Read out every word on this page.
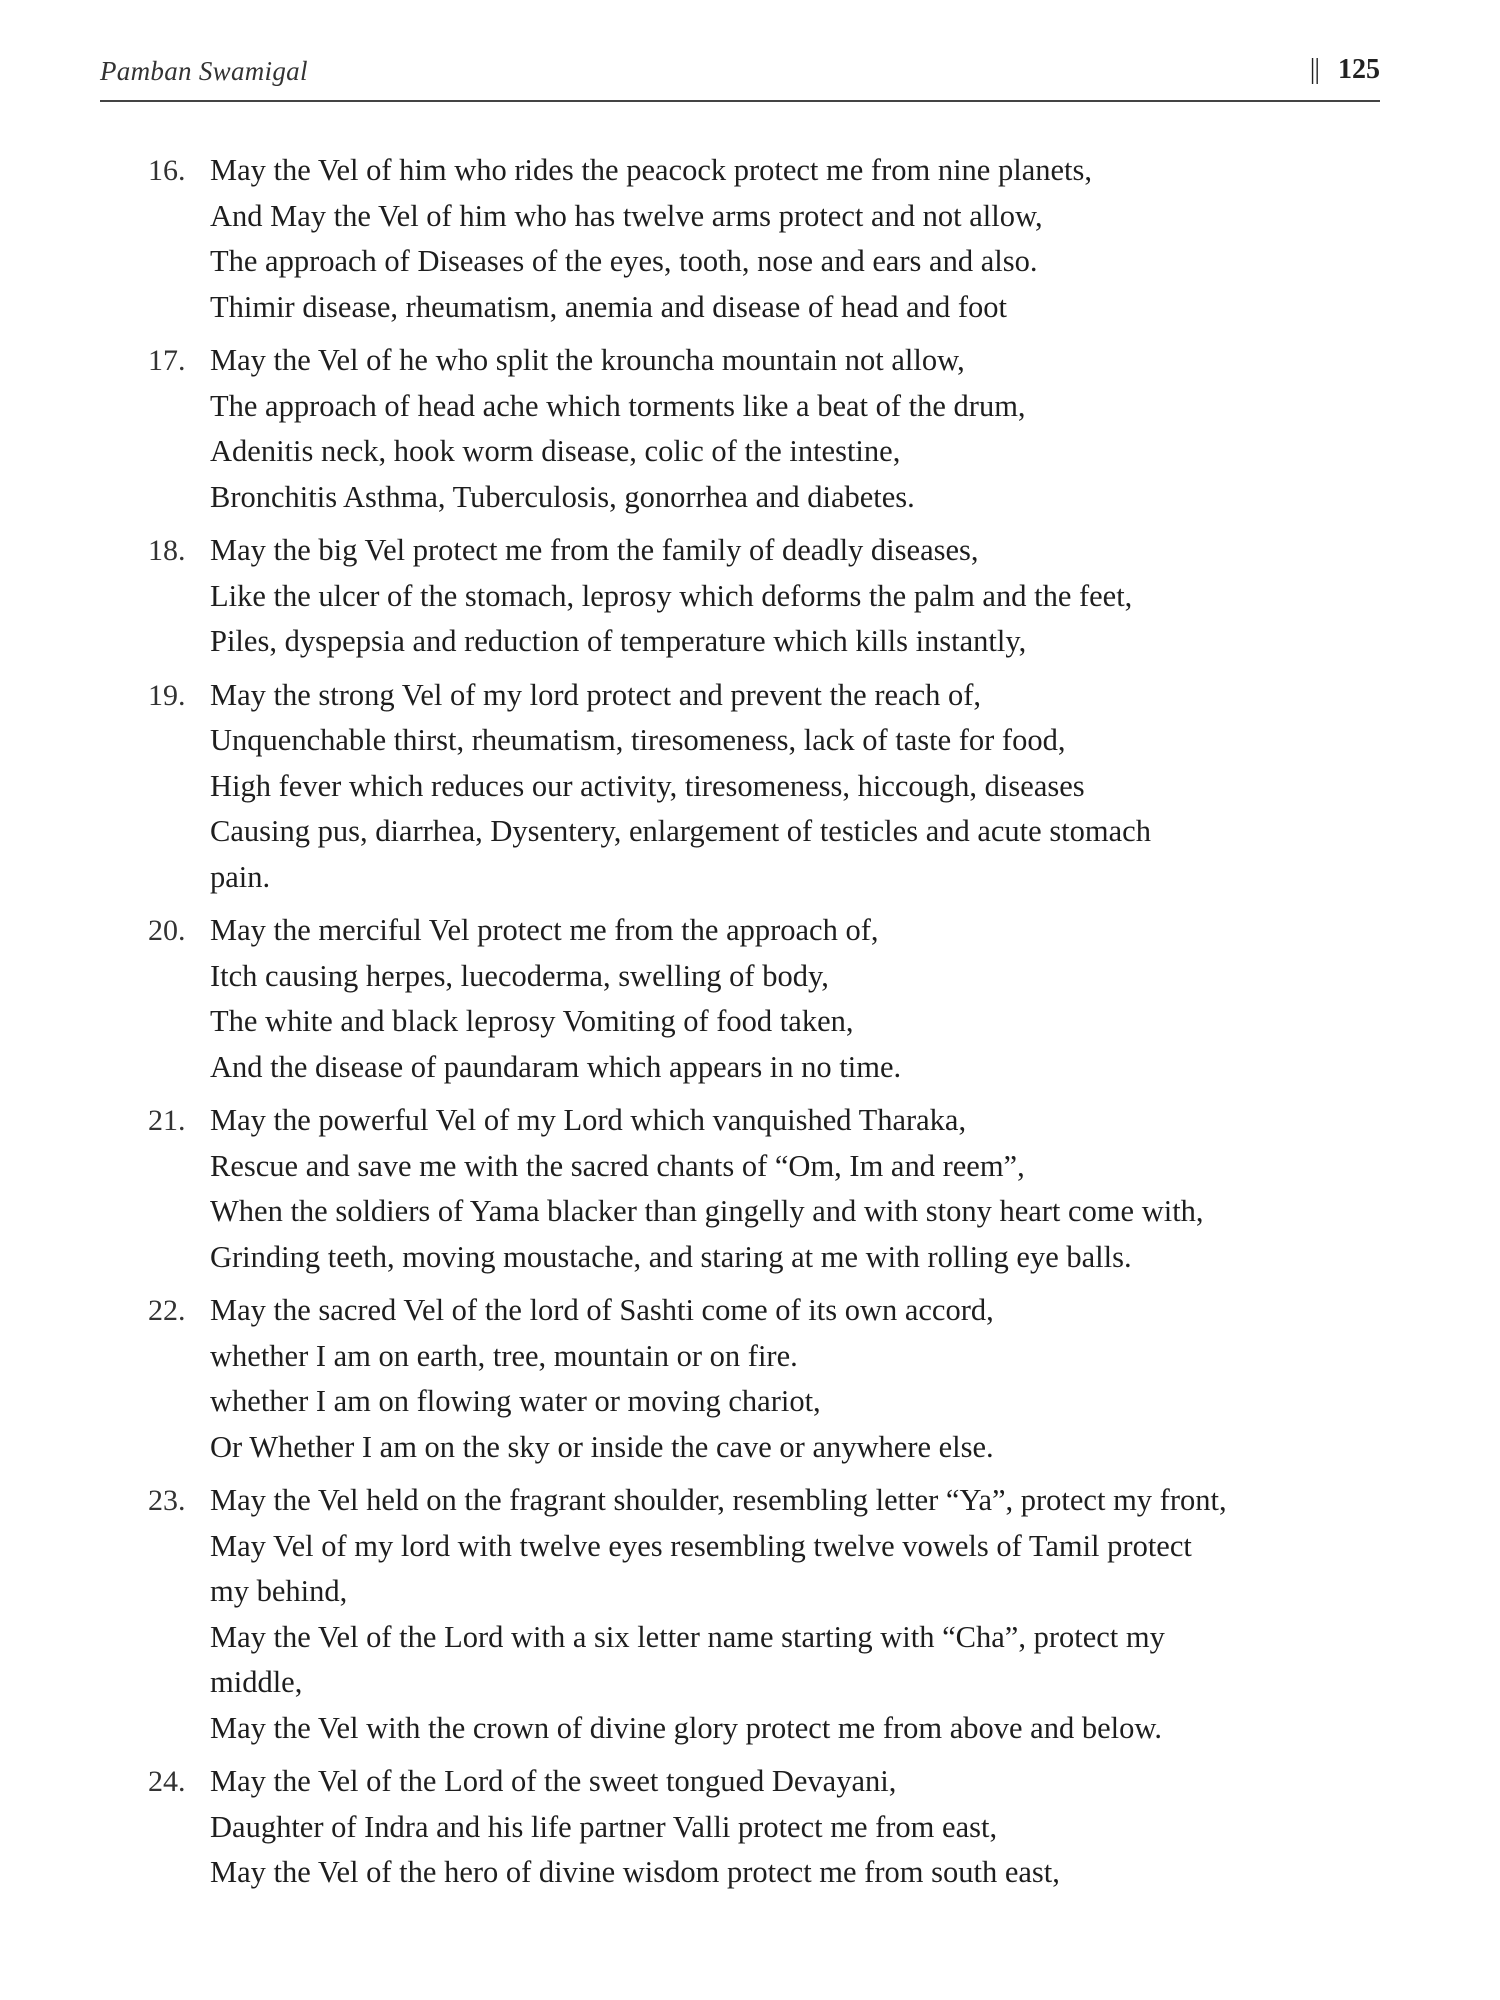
Pamban Swamigal	|| 125
16. May the Vel of him who rides the peacock protect me from nine planets,
And May the Vel of him who has twelve arms protect and not allow,
The approach of Diseases of the eyes, tooth, nose and ears and also.
Thimir disease, rheumatism, anemia and disease of head and foot
17. May the Vel of he who split the krouncha mountain not allow,
The approach of head ache which torments like a beat of the drum,
Adenitis neck, hook worm disease, colic of the intestine,
Bronchitis Asthma, Tuberculosis, gonorrhea and diabetes.
18. May the big Vel protect me from the family of deadly diseases,
Like the ulcer of the stomach, leprosy which deforms the palm and the feet,
Piles, dyspepsia and reduction of temperature which kills instantly,
19. May the strong Vel of my lord protect and prevent the reach of,
Unquenchable thirst, rheumatism, tiresomeness, lack of taste for food,
High fever which reduces our activity, tiresomeness, hiccough, diseases
Causing pus, diarrhea, Dysentery, enlargement of testicles and acute stomach
pain.
20. May the merciful Vel protect me from the approach of,
Itch causing herpes, luecoderma, swelling of body,
The white and black leprosy Vomiting of food taken,
And the disease of paundaram which appears in no time.
21. May the powerful Vel of my Lord which vanquished Tharaka,
Rescue and save me with the sacred chants of “Om, Im and reem”,
When the soldiers of Yama blacker than gingelly and with stony heart come with,
Grinding teeth, moving moustache, and staring at me with rolling eye balls.
22. May the sacred Vel of the lord of Sashti come of its own accord,
whether I am on earth, tree, mountain or on fire.
whether I am on flowing water or moving chariot,
Or Whether I am on the sky or inside the cave or anywhere else.
23. May the Vel held on the fragrant shoulder, resembling letter “Ya”, protect my front,
May Vel of my lord with twelve eyes resembling twelve vowels of Tamil protect
my behind,
May the Vel of the Lord with a six letter name starting with “Cha”, protect my
middle,
May the Vel with the crown of divine glory protect me from above and below.
24. May the Vel of the Lord of the sweet tongued Devayani,
Daughter of Indra and his life partner Valli protect me from east,
May the Vel of the hero of divine wisdom protect me from south east,
